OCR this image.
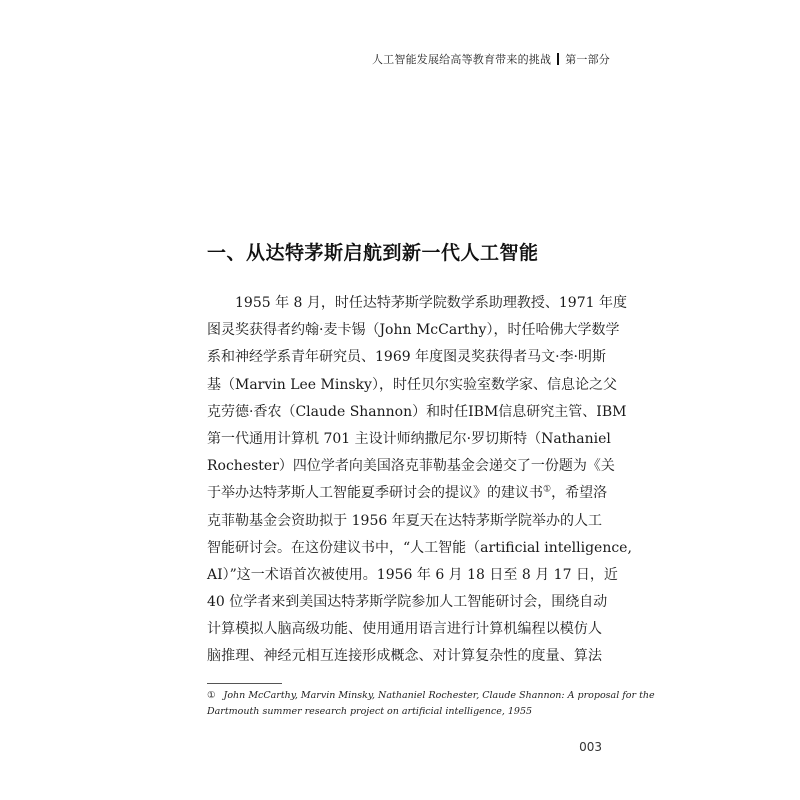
人工智能发展给高等教育带来的挑战 第一部分
一、从达特茅斯启航到新一代人工智能
1955 年 8 月，时任达特茅斯学院数学系助理教授、1971 年度
图灵奖获得者约翰·麦卡锡（John McCarthy），时任哈佛大学数学
系和神经学系青年研究员、1969 年度图灵奖获得者马文·李·明斯
基（Marvin Lee Minsky），时任贝尔实验室数学家、信息论之父
克劳德·香农（Claude Shannon）和时任IBM信息研究主管、IBM
第一代通用计算机 701 主设计师纳撒尼尔·罗切斯特（Nathaniel
Rochester）四位学者向美国洛克菲勒基金会递交了一份题为《关
于举办达特茅斯人工智能夏季研讨会的提议》的建议书①，希望洛
克菲勒基金会资助拟于 1956 年夏天在达特茅斯学院举办的人工
智能研讨会。在这份建议书中，“人工智能（artificial intelligence,
AI）”这一术语首次被使用。1956 年 6 月 18 日至 8 月 17 日，近
40 位学者来到美国达特茅斯学院参加人工智能研讨会，围绕自动
计算模拟人脑高级功能、使用通用语言进行计算机编程以模仿人
脑推理、神经元相互连接形成概念、对计算复杂性的度量、算法
① John McCarthy, Marvin Minsky, Nathaniel Rochester, Claude Shannon: A proposal for the
Dartmouth summer research project on artificial intelligence, 1955
003
